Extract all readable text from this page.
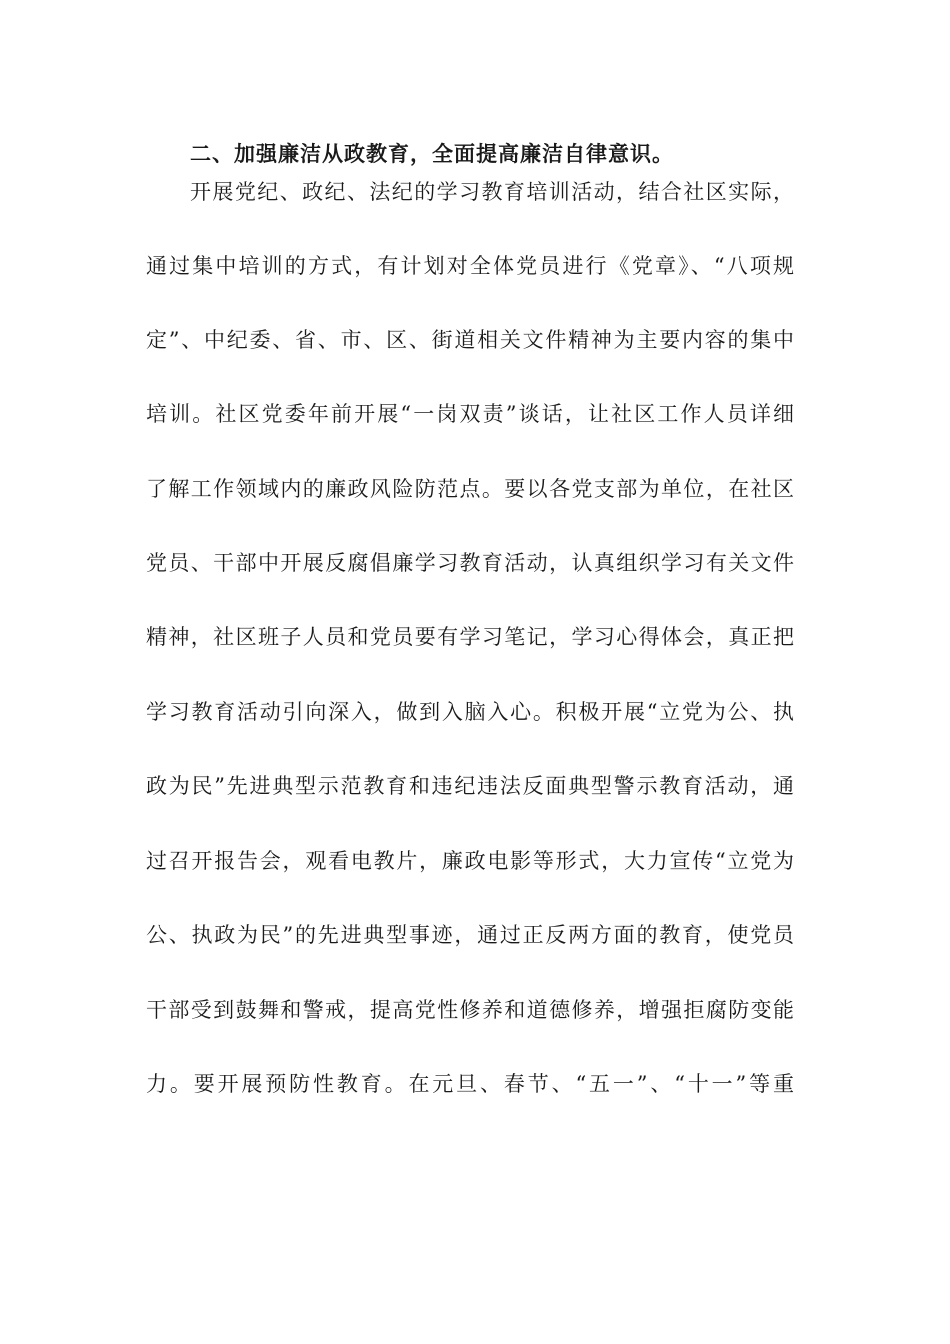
二、加强廉洁从政教育，全面提高廉洁自律意识。
开展党纪、政纪、法纪的学习教育培训活动，结合社区实际，
通过集中培训的方式，有计划对全体党员进行《党章》、“八项规
定”、中纪委、省、市、区、街道相关文件精神为主要内容的集中
培训。社区党委年前开展“一岗双责”谈话，让社区工作人员详细
了解工作领域内的廉政风险防范点。要以各党支部为单位，在社区
党员、干部中开展反腐倡廉学习教育活动，认真组织学习有关文件
精神，社区班子人员和党员要有学习笔记，学习心得体会，真正把
学习教育活动引向深入，做到入脑入心。积极开展“立党为公、执
政为民”先进典型示范教育和违纪违法反面典型警示教育活动，通
过召开报告会，观看电教片，廉政电影等形式，大力宣传“立党为
公、执政为民”的先进典型事迹，通过正反两方面的教育，使党员
干部受到鼓舞和警戒，提高党性修养和道德修养，增强拒腐防变能
力。要开展预防性教育。在元旦、春节、“五一”、“十一”等重
